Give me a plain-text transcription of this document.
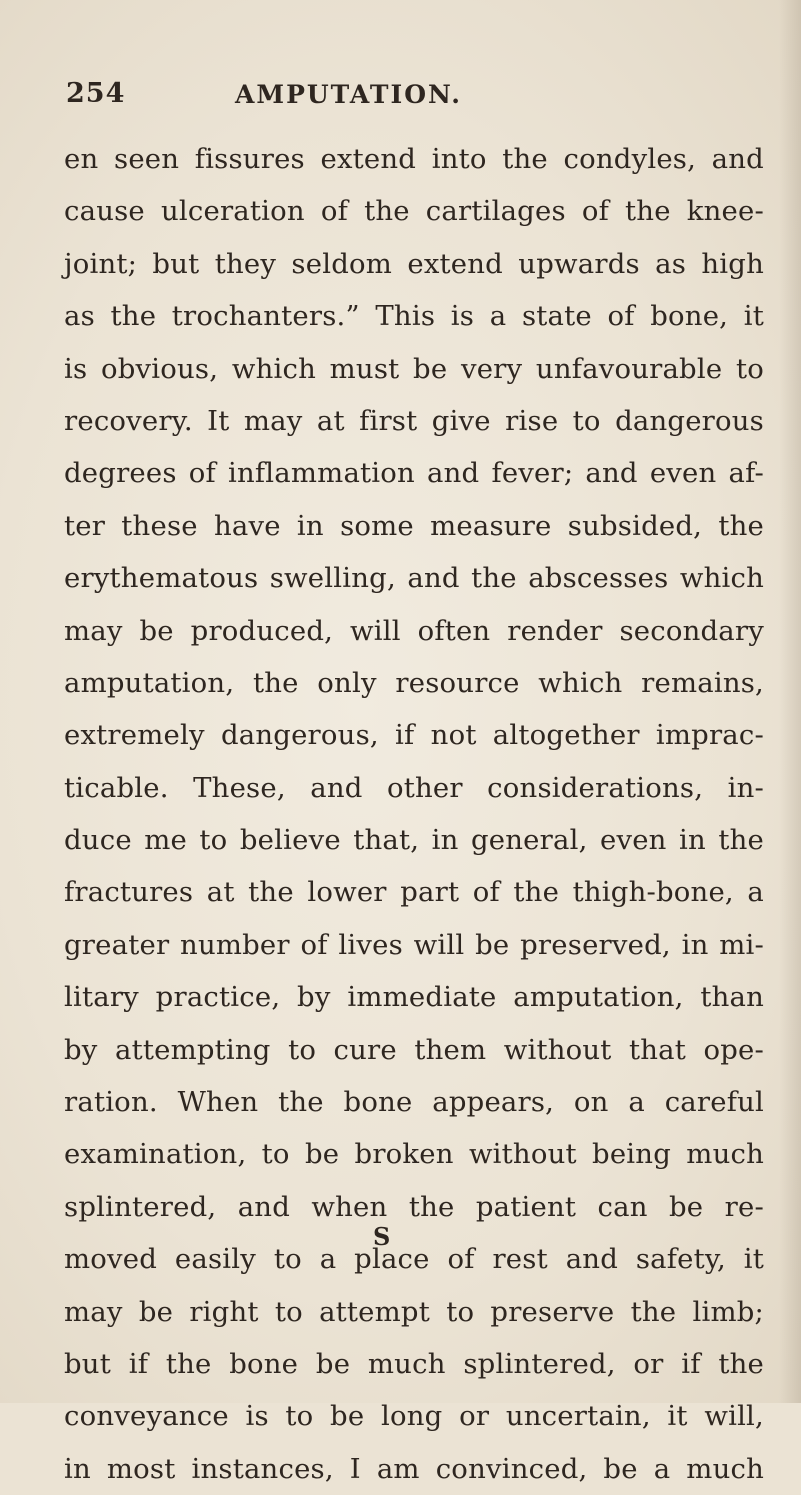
254	AMPUTATION.
en seen fissures extend into the condyles, and
cause ulceration of the cartilages of the knee-
joint; but they seldom extend upwards as high
as the trochanters.” This is a state of bone, it
is obvious, which must be very unfavourable to
recovery. It may at first give rise to dangerous
degrees of inflammation and fever; and even af-
ter these have in some measure subsided, the
erythematous swelling, and the abscesses which
may be produced, will often render secondary
amputation, the only resource which remains,
extremely dangerous, if not altogether imprac-
ticable. These, and other considerations, in-
duce me to believe that, in general, even in the
fractures at the lower part of the thigh-bone, a
greater number of lives will be preserved, in mi-
litary practice, by immediate amputation, than
by attempting to cure them without that ope-
ration. When the bone appears, on a careful
examination, to be broken without being much
splintered, and when the patient can be re-
moved easily to a place of rest and safety, it
may be right to attempt to preserve the limb;
but if the bone be much splintered, or if the
conveyance is to be long or uncertain, it will,
in most instances, I am convinced, be a much
S
